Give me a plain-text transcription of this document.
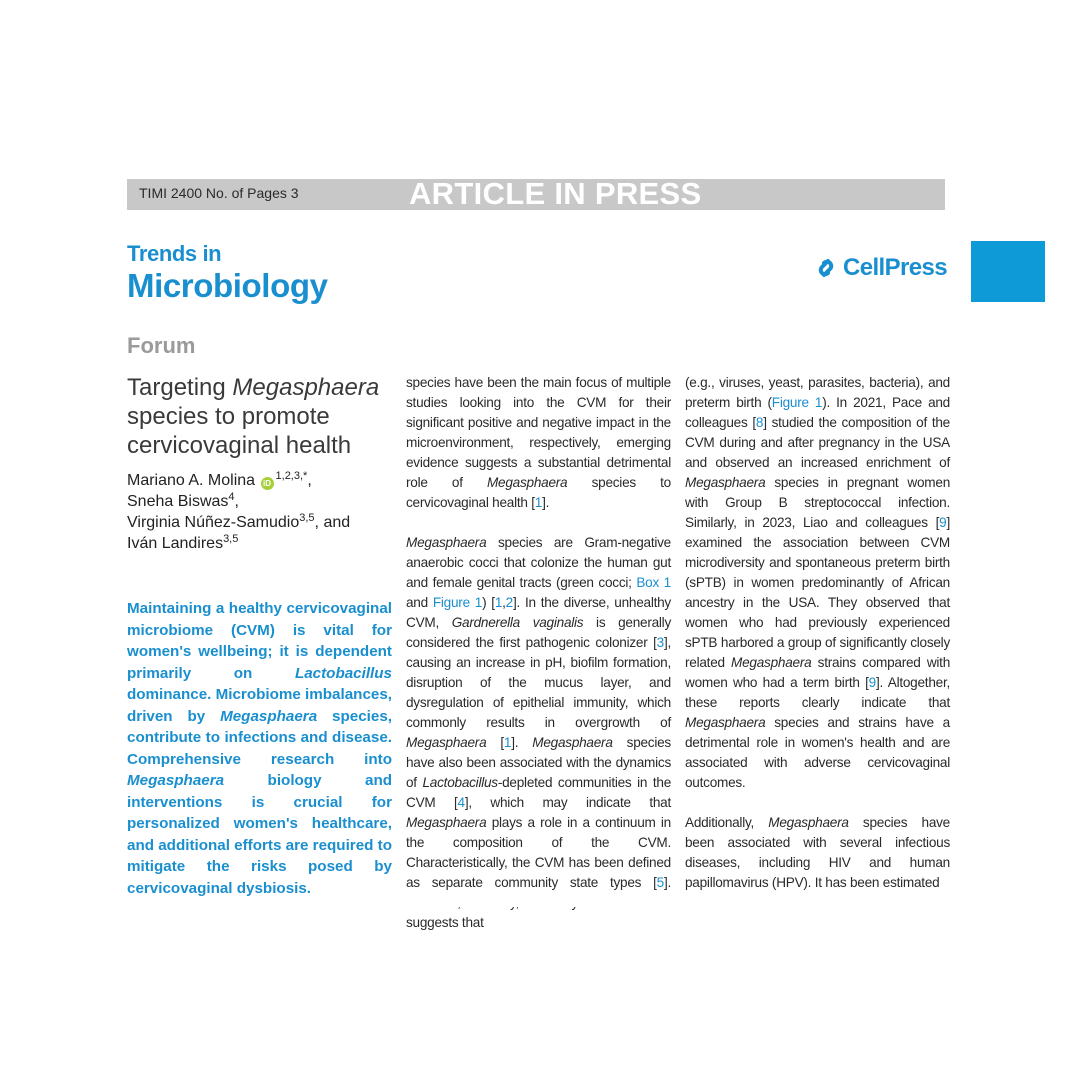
TIMI 2400 No. of Pages 3	ARTICLE IN PRESS
Trends in
Microbiology	CellPress
Forum
Targeting Megasphaera species to promote cervicovaginal health
Mariano A. Molina $iD^{1,2,3,*}$,
Sneha Biswas$^4$,
Virginia Núñez-Samudio$^{3,5}$, and
Iván Landires$^{3,5}$
Maintaining a healthy cervicovaginal microbiome (CVM) is vital for women's wellbeing; it is dependent primarily on Lactobacillus dominance. Microbiome imbalances, driven by Megasphaera species, contribute to infections and disease. Comprehensive research into Megasphaera biology and interventions is crucial for personalized women's healthcare, and additional efforts are required to mitigate the risks posed by cervicovaginal dysbiosis.

species have been the main focus of multiple studies looking into the CVM for their significant positive and negative impact in the microenvironment, respectively, emerging evidence suggests a substantial detrimental role of Megasphaera species to cervicovaginal health [1].

Megasphaera species are Gram-negative anaerobic cocci that colonize the human gut and female genital tracts (green cocci; Box 1 and Figure 1) [1,2]. In the diverse, unhealthy CVM, Gardnerella vaginalis is generally considered the first pathogenic colonizer [3], causing an increase in pH, biofilm formation, disruption of the mucus layer, and dysregulation of epithelial immunity, which commonly results in overgrowth of Megasphaera [1]. Megasphaera species have also been associated with the dynamics of Lactobacillus-depleted communities in the CVM [4], which may indicate that Megasphaera plays a role in a continuum in the composition of the CVM. Characteristically, the CVM has been defined as separate community state types [5]. suggests that

(e.g., viruses, yeast, parasites, bacteria), and preterm birth (Figure 1). In 2021, Pace and colleagues [8] studied the composition of the CVM during and after pregnancy in the USA and observed an increased enrichment of Megasphaera species in pregnant women with Group B streptococcal infection. Similarly, in 2023, Liao and colleagues [9] examined the association between CVM microdiversity and spontaneous preterm birth (sPTB) in women predominantly of African ancestry in the USA. They observed that women who had previously experienced sPTB harbored a group of significantly closely related Megasphaera strains compared with women who had a term birth [9]. Altogether, these reports clearly indicate that Megasphaera species and strains have a detrimental role in women's health and are associated with adverse cervicovaginal outcomes.

Additionally, Megasphaera species have been associated with several infectious diseases, including HIV and human papillomavirus (HPV). It has been estimated
